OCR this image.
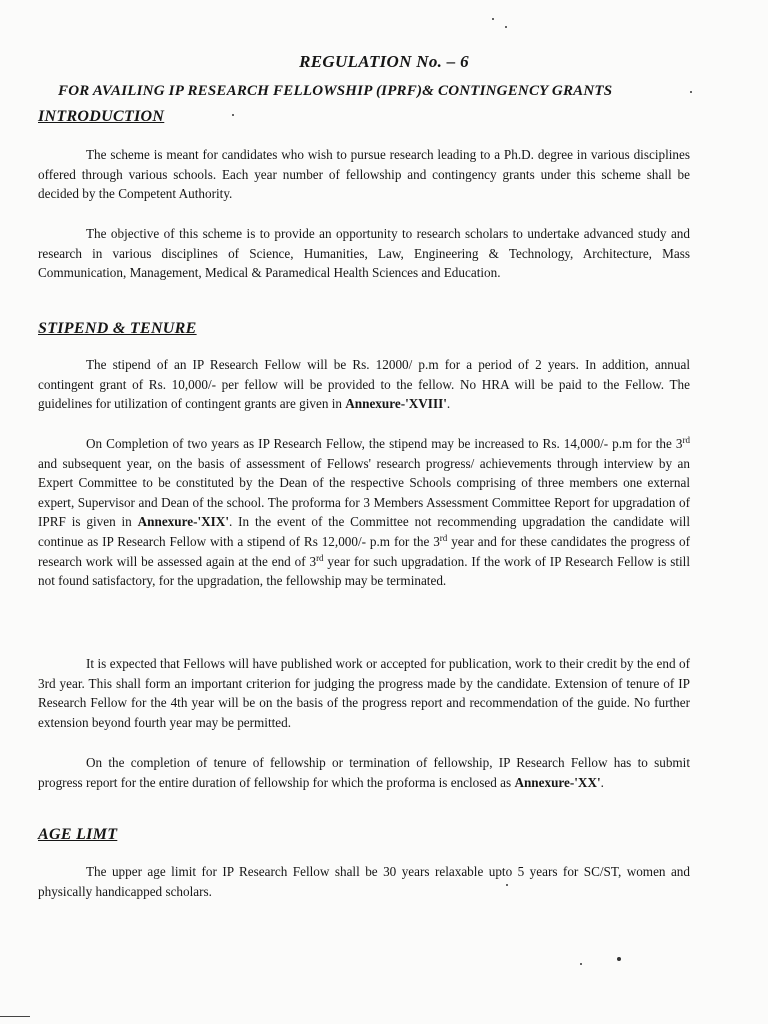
REGULATION No. – 6
FOR AVAILING IP RESEARCH FELLOWSHIP (IPRF)& CONTINGENCY GRANTS
INTRODUCTION
The scheme is meant for candidates who wish to pursue research leading to a Ph.D. degree in various disciplines offered through various schools. Each year number of fellowship and contingency grants under this scheme shall be decided by the Competent Authority.
The objective of this scheme is to provide an opportunity to research scholars to undertake advanced study and research in various disciplines of Science, Humanities, Law, Engineering & Technology, Architecture, Mass Communication, Management, Medical & Paramedical Health Sciences and Education.
STIPEND & TENURE
The stipend of an IP Research Fellow will be Rs. 12000/ p.m for a period of 2 years. In addition, annual contingent grant of Rs. 10,000/- per fellow will be provided to the fellow. No HRA will be paid to the Fellow. The guidelines for utilization of contingent grants are given in Annexure-'XVIII'.
On Completion of two years as IP Research Fellow, the stipend may be increased to Rs. 14,000/- p.m for the 3rd and subsequent year, on the basis of assessment of Fellows' research progress/ achievements through interview by an Expert Committee to be constituted by the Dean of the respective Schools comprising of three members one external expert, Supervisor and Dean of the school. The proforma for 3 Members Assessment Committee Report for upgradation of IPRF is given in Annexure-'XIX'. In the event of the Committee not recommending upgradation the candidate will continue as IP Research Fellow with a stipend of Rs 12,000/- p.m for the 3rd year and for these candidates the progress of research work will be assessed again at the end of 3rd year for such upgradation. If the work of IP Research Fellow is still not found satisfactory, for the upgradation, the fellowship may be terminated.
It is expected that Fellows will have published work or accepted for publication, work to their credit by the end of 3rd year. This shall form an important criterion for judging the progress made by the candidate. Extension of tenure of IP Research Fellow for the 4th year will be on the basis of the progress report and recommendation of the guide. No further extension beyond fourth year may be permitted.
On the completion of tenure of fellowship or termination of fellowship, IP Research Fellow has to submit progress report for the entire duration of fellowship for which the proforma is enclosed as Annexure-'XX'.
AGE LIMT
The upper age limit for IP Research Fellow shall be 30 years relaxable upto 5 years for SC/ST, women and physically handicapped scholars.
